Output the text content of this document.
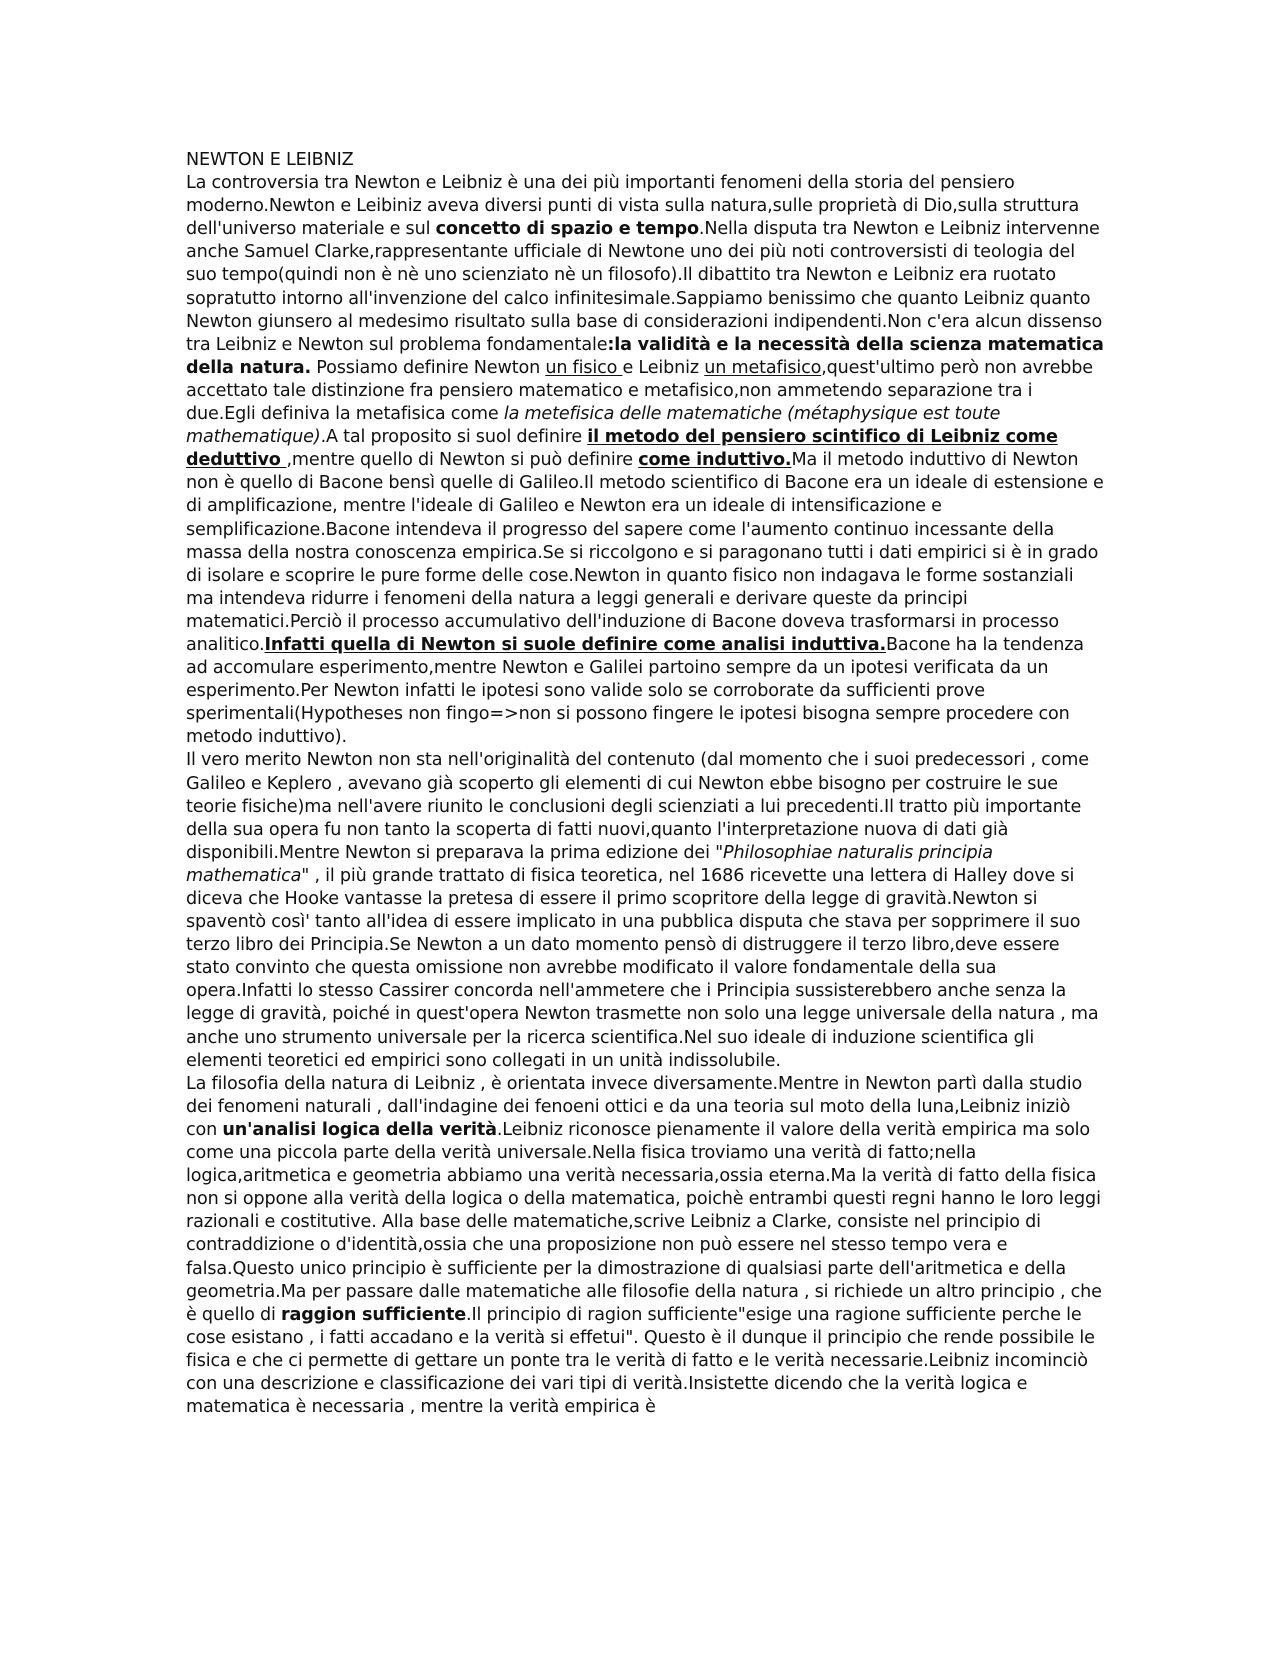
NEWTON E LEIBNIZ

La controversia tra Newton e Leibniz è una dei più importanti fenomeni della storia del pensiero moderno.Newton e Leibiniz aveva diversi punti di vista sulla natura,sulle proprietà di Dio,sulla struttura dell'universo materiale e sul concetto di spazio e tempo.Nella disputa tra Newton e Leibniz intervenne anche Samuel Clarke,rappresentante ufficiale di Newtone uno dei più noti controversisti di teologia del suo tempo(quindi non è nè uno scienziato nè un filosofo).Il dibattito tra Newton e Leibniz era ruotato sopratutto intorno all'invenzione del calco infinitesimale.Sappiamo benissimo che quanto Leibniz quanto Newton giunsero al medesimo risultato sulla base di considerazioni indipendenti.Non c'era alcun dissenso tra Leibniz e Newton sul problema fondamentale:la validità e la necessità della scienza matematica della natura. Possiamo definire Newton un fisico e Leibniz un metafisico,quest'ultimo però non avrebbe accettato tale distinzione fra pensiero matematico e metafisico,non ammetendo separazione tra i due.Egli definiva la metafisica come la metefisica delle matematiche (métaphysique est toute mathematique).A tal proposito si suol definire il metodo del pensiero scintifico di Leibniz come deduttivo ,mentre quello di Newton si può definire come induttivo.Ma il metodo induttivo di Newton non è quello di Bacone bensì quelle di Galileo.Il metodo scientifico di Bacone era un ideale di estensione e di amplificazione, mentre l'ideale di Galileo e Newton era un ideale di intensificazione e semplificazione.Bacone intendeva il progresso del sapere come l'aumento continuo incessante della massa della nostra conoscenza empirica.Se si riccolgono e si paragonano tutti i dati empirici si è in grado di isolare e scoprire le pure forme delle cose.Newton in quanto fisico non indagava le forme sostanziali ma intendeva ridurre i fenomeni della natura a leggi generali e derivare queste da principi matematici.Perciò il processo accumulativo dell'induzione di Bacone doveva trasformarsi in processo analitico.Infatti quella di Newton si suole definire come analisi induttiva.Bacone ha la tendenza ad accomulare esperimento,mentre Newton e Galilei partoino sempre da un ipotesi verificata da un esperimento.Per Newton infatti le ipotesi sono valide solo se corroborate da sufficienti prove sperimentali(Hypotheses non fingo=>non si possono fingere le ipotesi bisogna sempre procedere con metodo induttivo).

Il vero merito Newton non sta nell'originalità del contenuto (dal momento che i suoi predecessori , come Galileo e Keplero , avevano già scoperto gli elementi di cui Newton ebbe bisogno per costruire le sue teorie fisiche)ma nell'avere riunito le conclusioni degli scienziati a lui precedenti.Il tratto più importante della sua opera fu non tanto la scoperta di fatti nuovi,quanto l'interpretazione nuova di dati già disponibili.Mentre Newton si preparava la prima edizione dei "Philosophiae naturalis principia mathematica" , il più grande trattato di fisica teoretica, nel 1686 ricevette una lettera di Halley dove si diceva che Hooke vantasse la pretesa di essere il primo scopritore della legge di gravità.Newton si spaventò così' tanto all'idea di essere implicato in una pubblica disputa che stava per sopprimere il suo terzo libro dei Principia.Se Newton a un dato momento pensò di distruggere il terzo libro,deve essere stato convinto che questa omissione non avrebbe modificato il valore fondamentale della sua opera.Infatti lo stesso Cassirer concorda nell'ammetere che i Principia sussisterebbero anche senza la legge di gravità, poiché in quest'opera Newton trasmette non solo una legge universale della natura , ma anche uno strumento universale per la ricerca scientifica.Nel suo ideale di induzione scientifica gli elementi teoretici ed empirici sono collegati in un unità indissolubile.

La filosofia della natura di Leibniz , è orientata invece diversamente.Mentre in Newton partì dalla studio dei fenomeni naturali , dall'indagine dei fenoeni ottici e da una teoria sul moto della luna,Leibniz iniziò con un'analisi logica della verità.Leibniz riconosce pienamente il valore della verità empirica ma solo come una piccola parte della verità universale.Nella fisica troviamo una verità di fatto;nella logica,aritmetica e geometria abbiamo una verità necessaria,ossia eterna.Ma la verità di fatto della fisica non si oppone alla verità della logica o della matematica, poichè entrambi questi regni hanno le loro leggi razionali e costitutive. Alla base delle matematiche,scrive Leibniz a Clarke, consiste nel principio di contraddizione o d'identità,ossia che una proposizione non può essere nel stesso tempo vera e falsa.Questo unico principio è sufficiente per la dimostrazione di qualsiasi parte dell'aritmetica e della geometria.Ma per passare dalle matematiche alle filosofie della natura , si richiede un altro principio , che è quello di raggion sufficiente.Il principio di ragion sufficiente"esige una ragione sufficiente perche le cose esistano , i fatti accadano e la verità si effetui". Questo è il dunque il principio che rende possibile le fisica e che ci permette di gettare un ponte tra le verità di fatto e le verità necessarie.Leibniz incominciò con una descrizione e classificazione dei vari tipi di verità.Insistette dicendo che la verità logica e matematica è necessaria , mentre la verità empirica è
